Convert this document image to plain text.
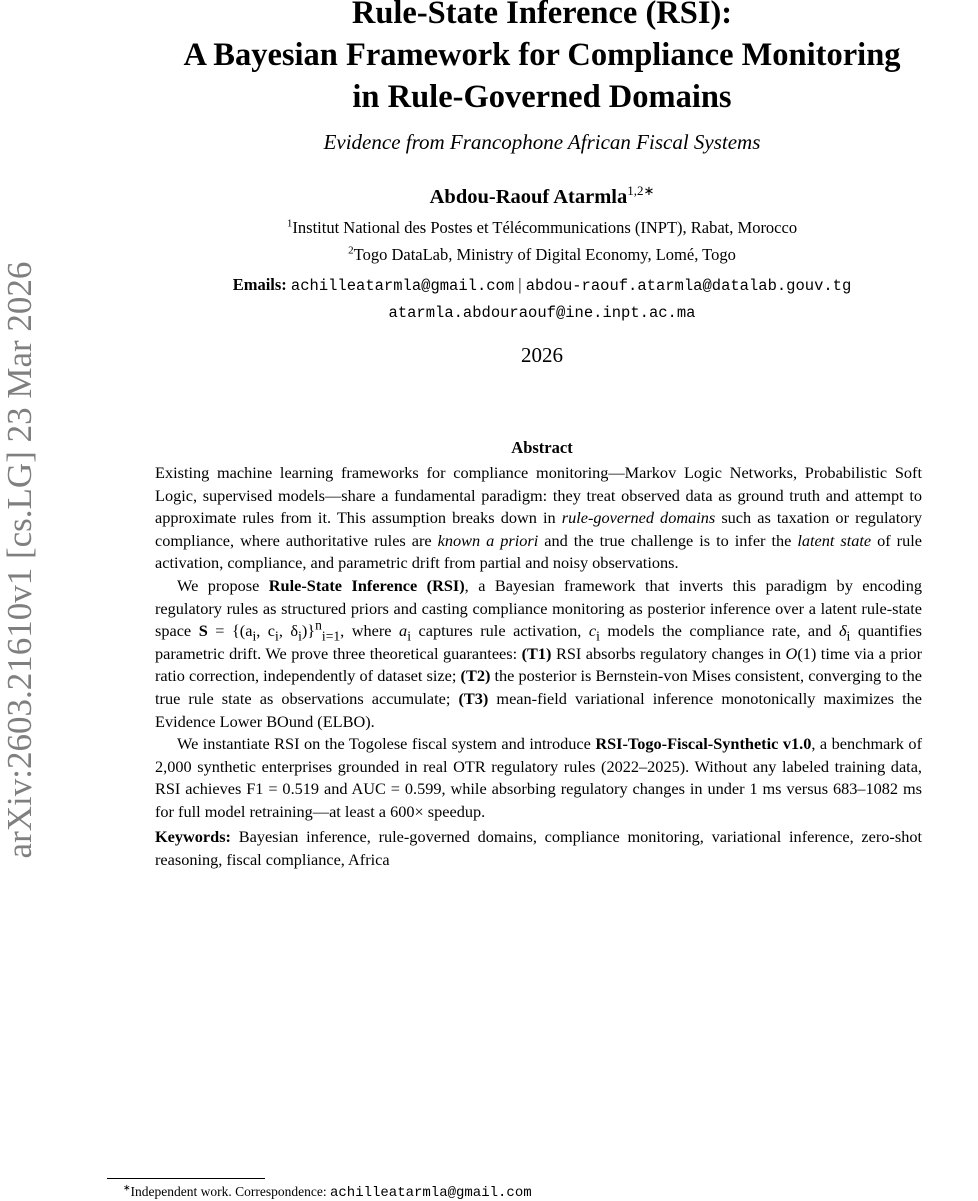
arXiv:2603.21610v1 [cs.LG] 23 Mar 2026
Rule-State Inference (RSI):
A Bayesian Framework for Compliance Monitoring
in Rule-Governed Domains
Evidence from Francophone African Fiscal Systems
Abdou-Raouf Atarmla$^{1,2∗}$
$^1$Institut National des Postes et Télécommunications (INPT), Rabat, Morocco
$^2$Togo DataLab, Ministry of Digital Economy, Lomé, Togo
Emails: achilleatarmla@gmail.com | abdou-raouf.atarmla@datalab.gouv.tg
atarmla.abdouraouf@ine.inpt.ac.ma
2026
Abstract

Existing machine learning frameworks for compliance monitoring—Markov Logic Networks, Probabilistic Soft Logic, supervised models—share a fundamental paradigm: they treat observed data as ground truth and attempt to approximate rules from it. This assumption breaks down in rule-governed domains such as taxation or regulatory compliance, where authoritative rules are known a priori and the true challenge is to infer the latent state of rule activation, compliance, and parametric drift from partial and noisy observations.

We propose Rule-State Inference (RSI), a Bayesian framework that inverts this paradigm by encoding regulatory rules as structured priors and casting compliance monitoring as posterior inference over a latent rule-state space $S = \{(a_i$, $c_i$, $\delta_i)\}^n_{i=1}$, where $a_i$ captures rule activation, $c_i$ models the compliance rate, and $\delta_i$ quantifies parametric drift. We prove three theoretical guarantees: (T1) RSI absorbs regulatory changes in O(1) time via a prior ratio correction, independently of dataset size; (T2) the posterior is Bernstein-von Mises consistent, converging to the true rule state as observations accumulate; (T3) mean-field variational inference monotonically maximizes the Evidence Lower BOund (ELBO).

We instantiate RSI on the Togolese fiscal system and introduce RSI-Togo-Fiscal-Synthetic v1.0, a benchmark of 2,000 synthetic enterprises grounded in real OTR regulatory rules (2022–2025). Without any labeled training data, RSI achieves F1 = 0.519 and AUC = 0.599, while absorbing regulatory changes in under 1 ms versus 683–1082 ms for full model retraining—at least a 600× speedup.

Keywords: Bayesian inference, rule-governed domains, compliance monitoring, variational inference, zero-shot reasoning, fiscal compliance, Africa

∗Independent work. Correspondence: achilleatarmla@gmail.com
